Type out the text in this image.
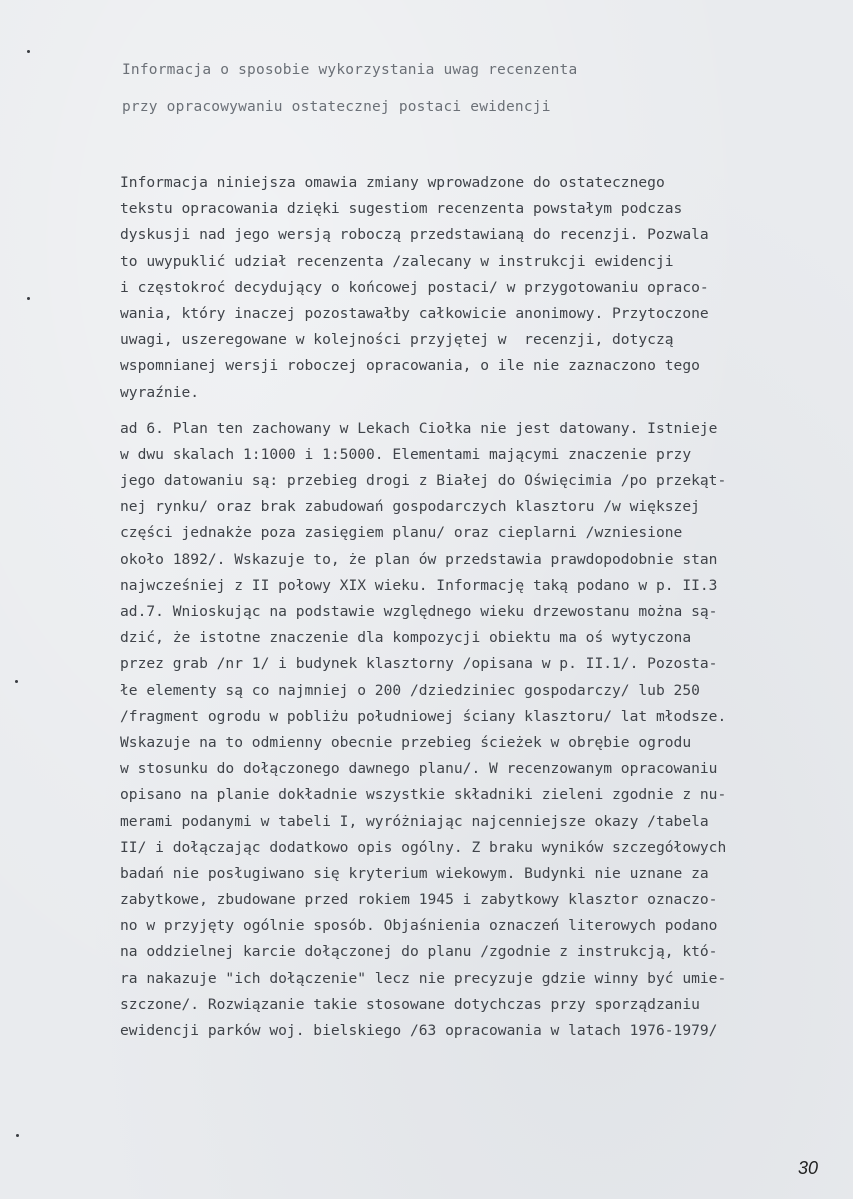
Informacja o sposobie wykorzystania uwag recenzenta
przy opracowywaniu ostatecznej postaci ewidencji
Informacja niniejsza omawia zmiany wprowadzone do ostatecznego
tekstu opracowania dzięki sugestiom recenzenta powstałym podczas
dyskusji nad jego wersją roboczą przedstawianą do recenzji. Pozwala
to uwypuklić udział recenzenta /zalecany w instrukcji ewidencji
i częstokroć decydujący o końcowej postaci/ w przygotowaniu opraco-
wania, który inaczej pozostawałby całkowicie anonimowy. Przytoczone
uwagi, uszeregowane w kolejności przyjętej w  recenzji, dotyczą
wspomnianej wersji roboczej opracowania, o ile nie zaznaczono tego
wyraźnie.
ad 6. Plan ten zachowany w Lekach Ciołka nie jest datowany. Istnieje
w dwu skalach 1:1000 i 1:5000. Elementami mającymi znaczenie przy
jego datowaniu są: przebieg drogi z Białej do Oświęcimia /po przekąt-
nej rynku/ oraz brak zabudowań gospodarczych klasztoru /w większej
części jednakże poza zasięgiem planu/ oraz cieplarni /wzniesione
około 1892/. Wskazuje to, że plan ów przedstawia prawdopodobnie stan
najwcześniej z II połowy XIX wieku. Informację taką podano w p. II.3
ad.7. Wnioskując na podstawie względnego wieku drzewostanu można są-
dzić, że istotne znaczenie dla kompozycji obiektu ma oś wytyczona
przez grab /nr 1/ i budynek klasztorny /opisana w p. II.1/. Pozosta-
łe elementy są co najmniej o 200 /dziedziniec gospodarczy/ lub 250
/fragment ogrodu w pobliżu południowej ściany klasztoru/ lat młodsze.
Wskazuje na to odmienny obecnie przebieg ścieżek w obrębie ogrodu
w stosunku do dołączonego dawnego planu/. W recenzowanym opracowaniu
opisano na planie dokładnie wszystkie składniki zieleni zgodnie z nu-
merami podanymi w tabeli I, wyróżniając najcenniejsze okazy /tabela
II/ i dołączając dodatkowo opis ogólny. Z braku wyników szczegółowych
badań nie posługiwano się kryterium wiekowym. Budynki nie uznane za
zabytkowe, zbudowane przed rokiem 1945 i zabytkowy klasztor oznaczo-
no w przyjęty ogólnie sposób. Objaśnienia oznaczeń literowych podano
na oddzielnej karcie dołączonej do planu /zgodnie z instrukcją, któ-
ra nakazuje "ich dołączenie" lecz nie precyzuje gdzie winny być umie-
szczone/. Rozwiązanie takie stosowane dotychczas przy sporządzaniu
ewidencji parków woj. bielskiego /63 opracowania w latach 1976-1979/
30
